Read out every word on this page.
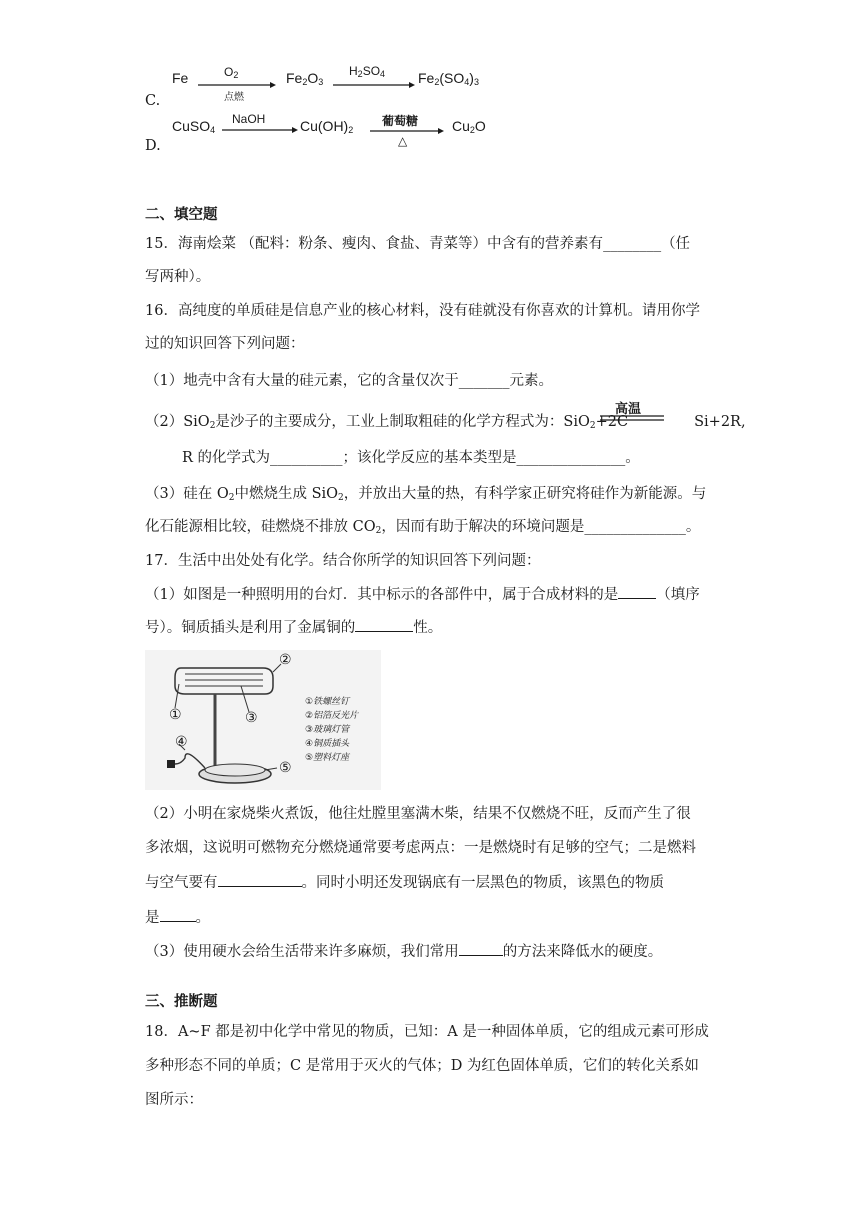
C.
Fe	$O_2$
点燃
$Fe_2O_3$
$H_2SO_4$ $Fe_2(SO_4)_3$
D.
CuSO$_4$
NaOH $Cu(OH)_2$
葡萄糖
△
$Cu_2O$
二、填空题
15．海南烩菜 （配料：粉条、瘦肉、食盐、青菜等）中含有的营养素有________（任
写两种）。
16．高纯度的单质硅是信息产业的核心材料，没有硅就没有你喜欢的计算机。请用你学
过的知识回答下列问题：
（1）地壳中含有大量的硅元素，它的含量仅次于_______元素。
（2）SiO$_2$是沙子的主要成分，工业上制取粗硅的化学方程式为：SiO$_2$+2C	Si+2R,
高温
R 的化学式为__________；该化学反应的基本类型是_______________。
（3）硅在 $O_2$中燃烧生成 SiO$_2$，并放出大量的热，有科学家正研究将硅作为新能源。与
化石能源相比较，硅燃烧不排放 $CO_2$，因而有助于解决的环境问题是______________。
17．生活中出处处有化学。结合你所学的知识回答下列问题：
（1）如图是一种照明用的台灯．其中标示的各部件中，属于合成材料的是	（填序
号）。铜质插头是利用了金属铜的	性。
①
②
③
④
⑤
①铁螺丝钉
②铝箔反光片
③玻璃灯管
④铜质插头
⑤塑料灯座
（2）小明在家烧柴火煮饭，他往灶膛里塞满木柴，结果不仅燃烧不旺，反而产生了很
多浓烟，这说明可燃物充分燃烧通常要考虑两点：一是燃烧时有足够的空气；二是燃料
与空气要有	。同时小明还发现锅底有一层黑色的物质，该黑色的物质
是 。
（3）使用硬水会给生活带来许多麻烦，我们常用	的方法来降低水的硬度。
三、推断题
18．A~F 都是初中化学中常见的物质，已知：A 是一种固体单质，它的组成元素可形成
多种形态不同的单质；C 是常用于灭火的气体；D 为红色固体单质，它们的转化关系如
图所示：
